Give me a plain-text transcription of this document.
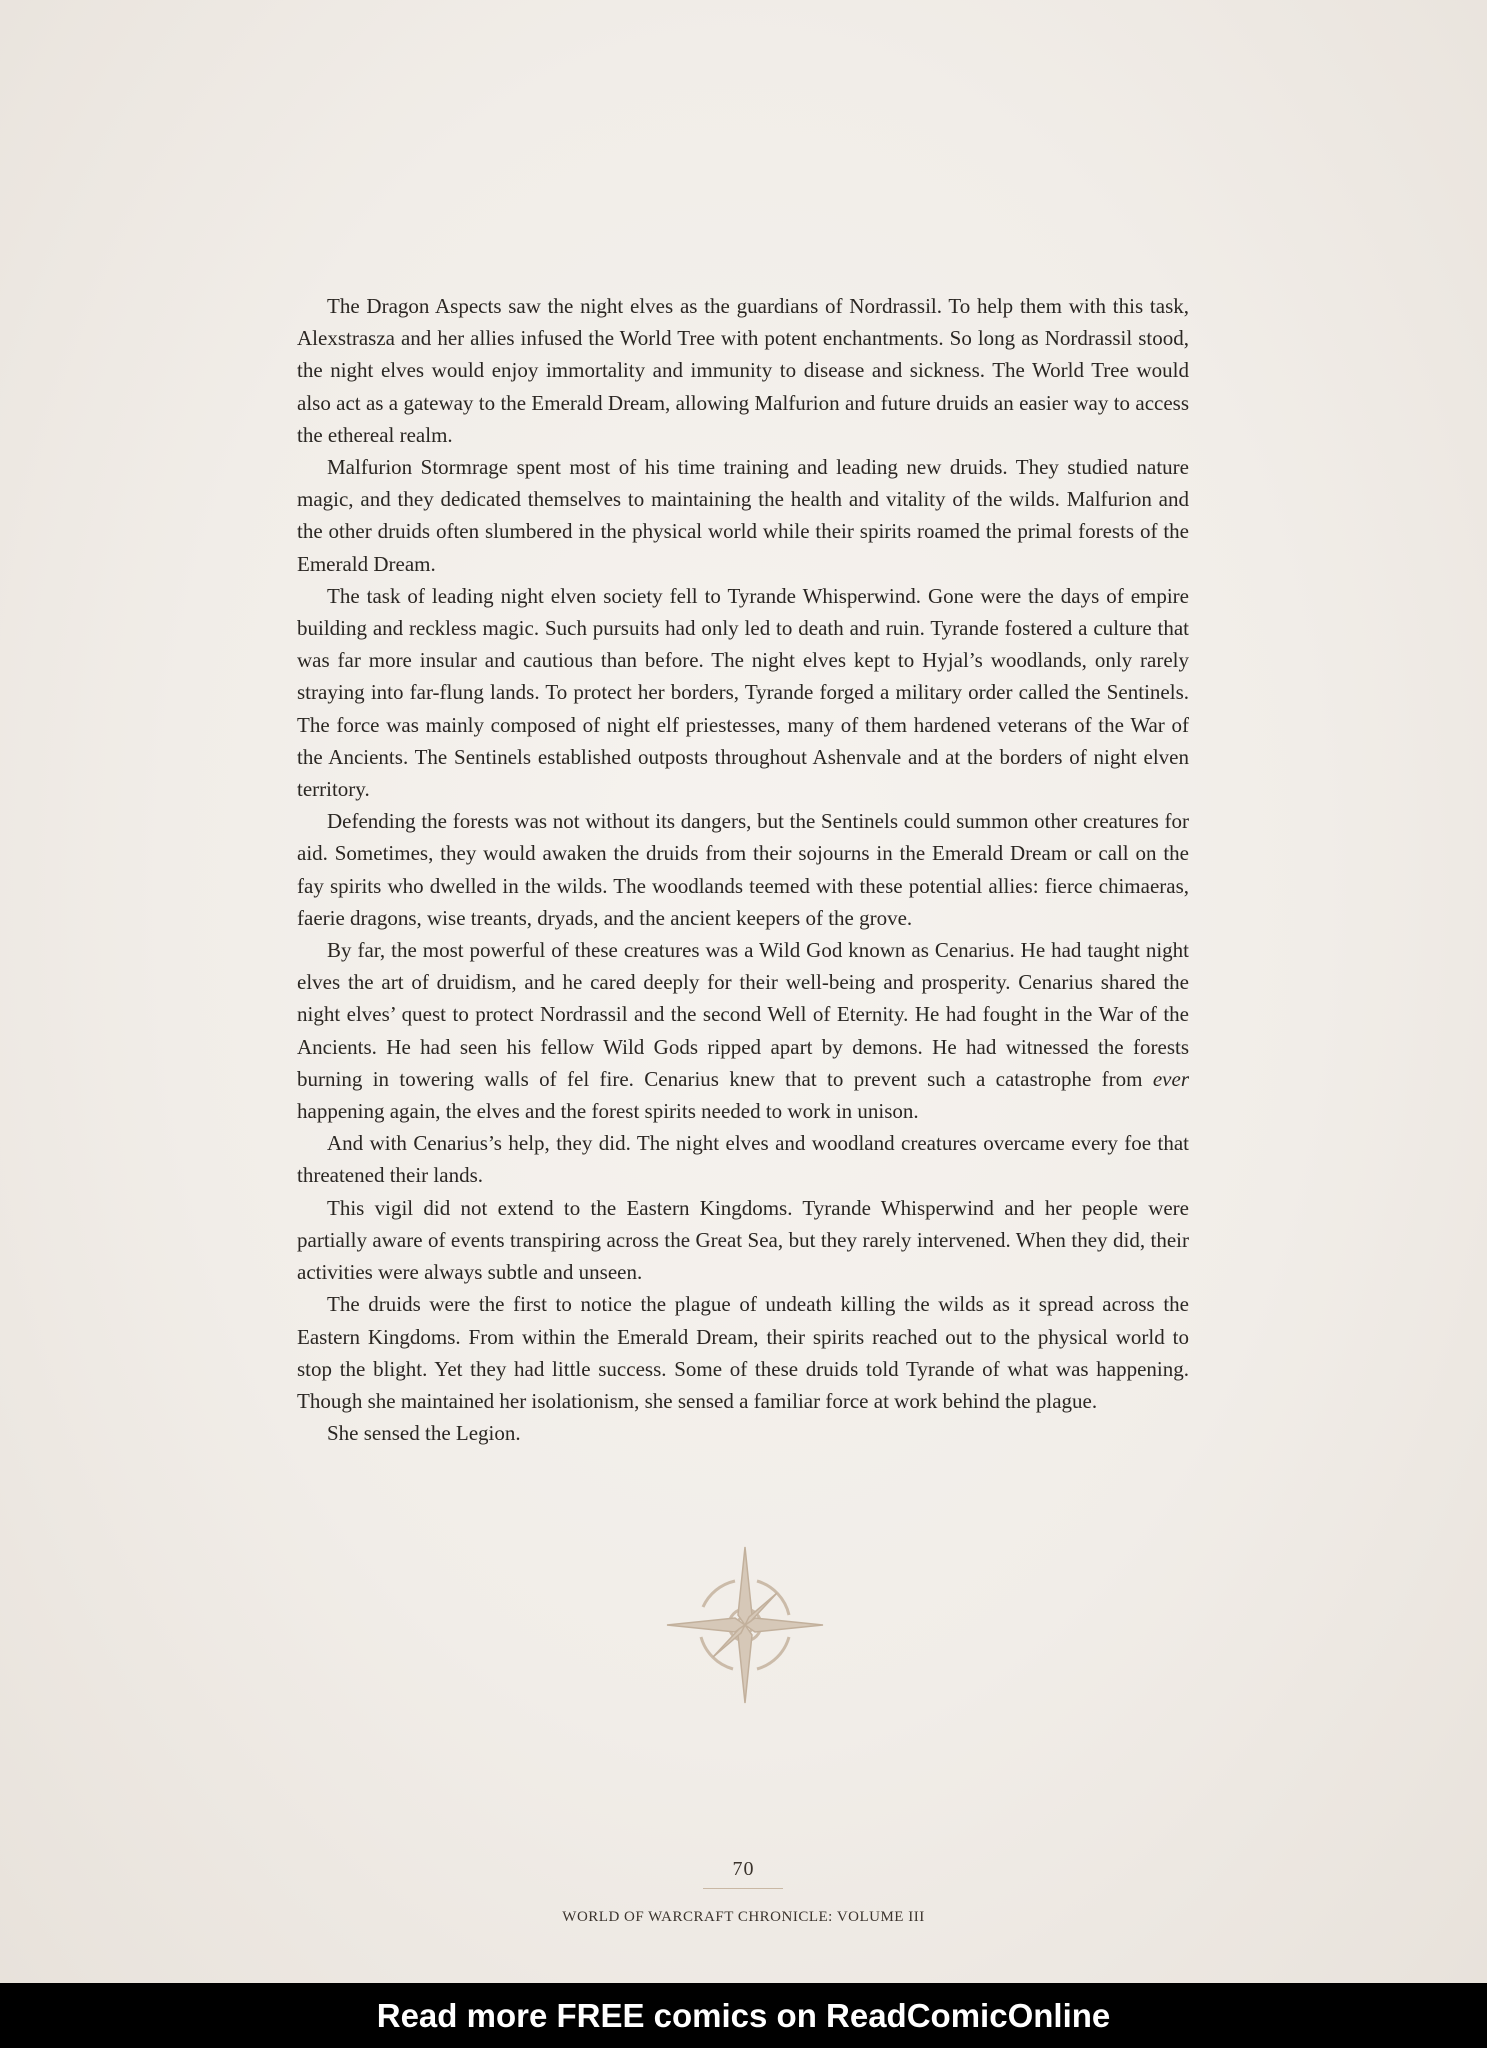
The Dragon Aspects saw the night elves as the guardians of Nordrassil. To help them with this task, Alexstrasza and her allies infused the World Tree with potent enchantments. So long as Nordrassil stood, the night elves would enjoy immortality and immunity to disease and sickness. The World Tree would also act as a gateway to the Emerald Dream, allowing Malfurion and future druids an easier way to access the ethereal realm.

Malfurion Stormrage spent most of his time training and leading new druids. They studied nature magic, and they dedicated themselves to maintaining the health and vitality of the wilds. Malfurion and the other druids often slumbered in the physical world while their spirits roamed the primal forests of the Emerald Dream.

The task of leading night elven society fell to Tyrande Whisperwind. Gone were the days of empire building and reckless magic. Such pursuits had only led to death and ruin. Tyrande fostered a culture that was far more insular and cautious than before. The night elves kept to Hyjal’s woodlands, only rarely straying into far-flung lands. To protect her borders, Tyrande forged a military order called the Sentinels. The force was mainly composed of night elf priestesses, many of them hardened veterans of the War of the Ancients. The Sentinels established outposts throughout Ashenvale and at the borders of night elven territory.

Defending the forests was not without its dangers, but the Sentinels could summon other creatures for aid. Sometimes, they would awaken the druids from their sojourns in the Emerald Dream or call on the fay spirits who dwelled in the wilds. The woodlands teemed with these potential allies: fierce chimaeras, faerie dragons, wise treants, dryads, and the ancient keepers of the grove.

By far, the most powerful of these creatures was a Wild God known as Cenarius. He had taught night elves the art of druidism, and he cared deeply for their well-being and prosperity. Cenarius shared the night elves’ quest to protect Nordrassil and the second Well of Eternity. He had fought in the War of the Ancients. He had seen his fellow Wild Gods ripped apart by demons. He had witnessed the forests burning in towering walls of fel fire. Cenarius knew that to prevent such a catastrophe from ever happening again, the elves and the forest spirits needed to work in unison.

And with Cenarius’s help, they did. The night elves and woodland creatures overcame every foe that threatened their lands.

This vigil did not extend to the Eastern Kingdoms. Tyrande Whisperwind and her people were partially aware of events transpiring across the Great Sea, but they rarely intervened. When they did, their activities were always subtle and unseen.

The druids were the first to notice the plague of undeath killing the wilds as it spread across the Eastern Kingdoms. From within the Emerald Dream, their spirits reached out to the physical world to stop the blight. Yet they had little success. Some of these druids told Tyrande of what was happening. Though she maintained her isolationism, she sensed a familiar force at work behind the plague.

She sensed the Legion.

70
WORLD OF WARCRAFT CHRONICLE: VOLUME III
Read more FREE comics on ReadComicOnline
